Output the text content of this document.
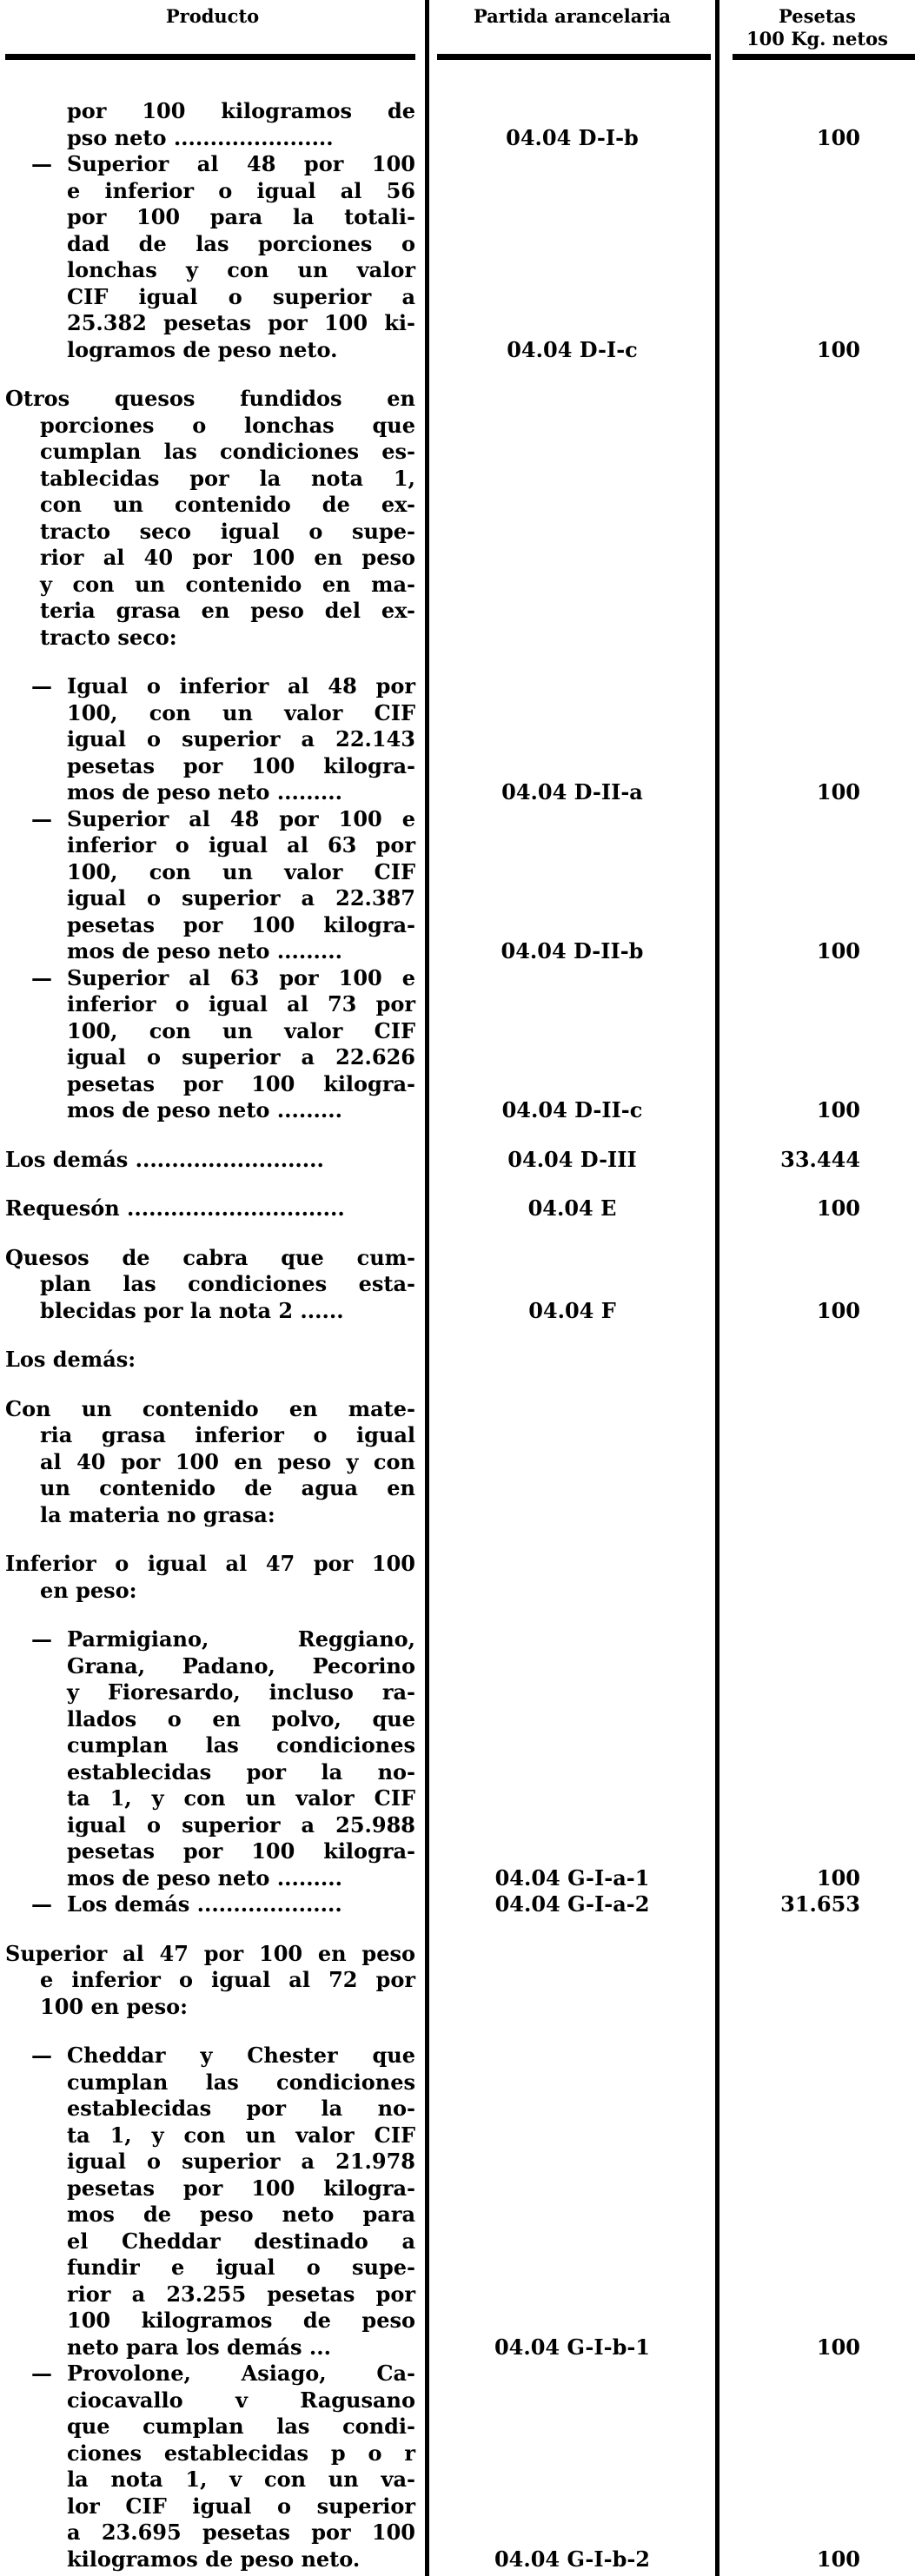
Producto	Partida arancelaria	Pesetas
100 Kg. netos
por 100 kilogramos de
pso neto ......................	04.04 D-I-b	100
— Superior al 48 por 100
e inferior o igual al 56
por 100 para la totali-
dad de las porciones o
lonchas y con un valor
CIF igual o superior a
25.382 pesetas por 100 ki-
logramos de peso neto.	04.04 D-I-c	100
Otros quesos fundidos en
porciones o lonchas que
cumplan las condiciones es-
tablecidas por la nota 1,
con un contenido de ex-
tracto seco igual o supe-
rior al 40 por 100 en peso
y con un contenido en ma-
teria grasa en peso del ex-
tracto seco:
— Igual o inferior al 48 por
100, con un valor CIF
igual o superior a 22.143
pesetas por 100 kilogra-
mos de peso neto .........	04.04 D-II-a	100
— Superior al 48 por 100 e
inferior o igual al 63 por
100, con un valor CIF
igual o superior a 22.387
pesetas por 100 kilogra-
mos de peso neto .........	04.04 D-II-b	100
— Superior al 63 por 100 e
inferior o igual al 73 por
100, con un valor CIF
igual o superior a 22.626
pesetas por 100 kilogra-
mos de peso neto .........	04.04 D-II-c	100
Los demás ..........................	04.04 D-III	33.444
Requesón ..............................	04.04 E	100
Quesos de cabra que cum-
plan las condiciones esta-
blecidas por la nota 2 ......	04.04 F	100
Los demás:
Con un contenido en mate-
ria grasa inferior o igual
al 40 por 100 en peso y con
un contenido de agua en
la materia no grasa:
Inferior o igual al 47 por 100
en peso:
— Parmigiano, Reggiano,
Grana, Padano, Pecorino
y Fioresardo, incluso ra-
llados o en polvo, que
cumplan las condiciones
establecidas por la no-
ta 1, y con un valor CIF
igual o superior a 25.988
pesetas por 100 kilogra-
mos de peso neto .........	04.04 G-I-a-1	100
— Los demás ....................	04.04 G-I-a-2	31.653
Superior al 47 por 100 en peso
e inferior o igual al 72 por
100 en peso:
— Cheddar y Chester que
cumplan las condiciones
establecidas por la no-
ta 1, y con un valor CIF
igual o superior a 21.978
pesetas por 100 kilogra-
mos de peso neto para
el Cheddar destinado a
fundir e igual o supe-
rior a 23.255 pesetas por
100 kilogramos de peso
neto para los demás ...	04.04 G-I-b-1	100
— Provolone, Asiago, Ca-
ciocavallo v Ragusano
que cumplan las condi-
ciones establecidas p o r
la nota 1, v con un va-
lor CIF igual o superior
a 23.695 pesetas por 100
kilogramos de peso neto.	04.04 G-I-b-2	100
